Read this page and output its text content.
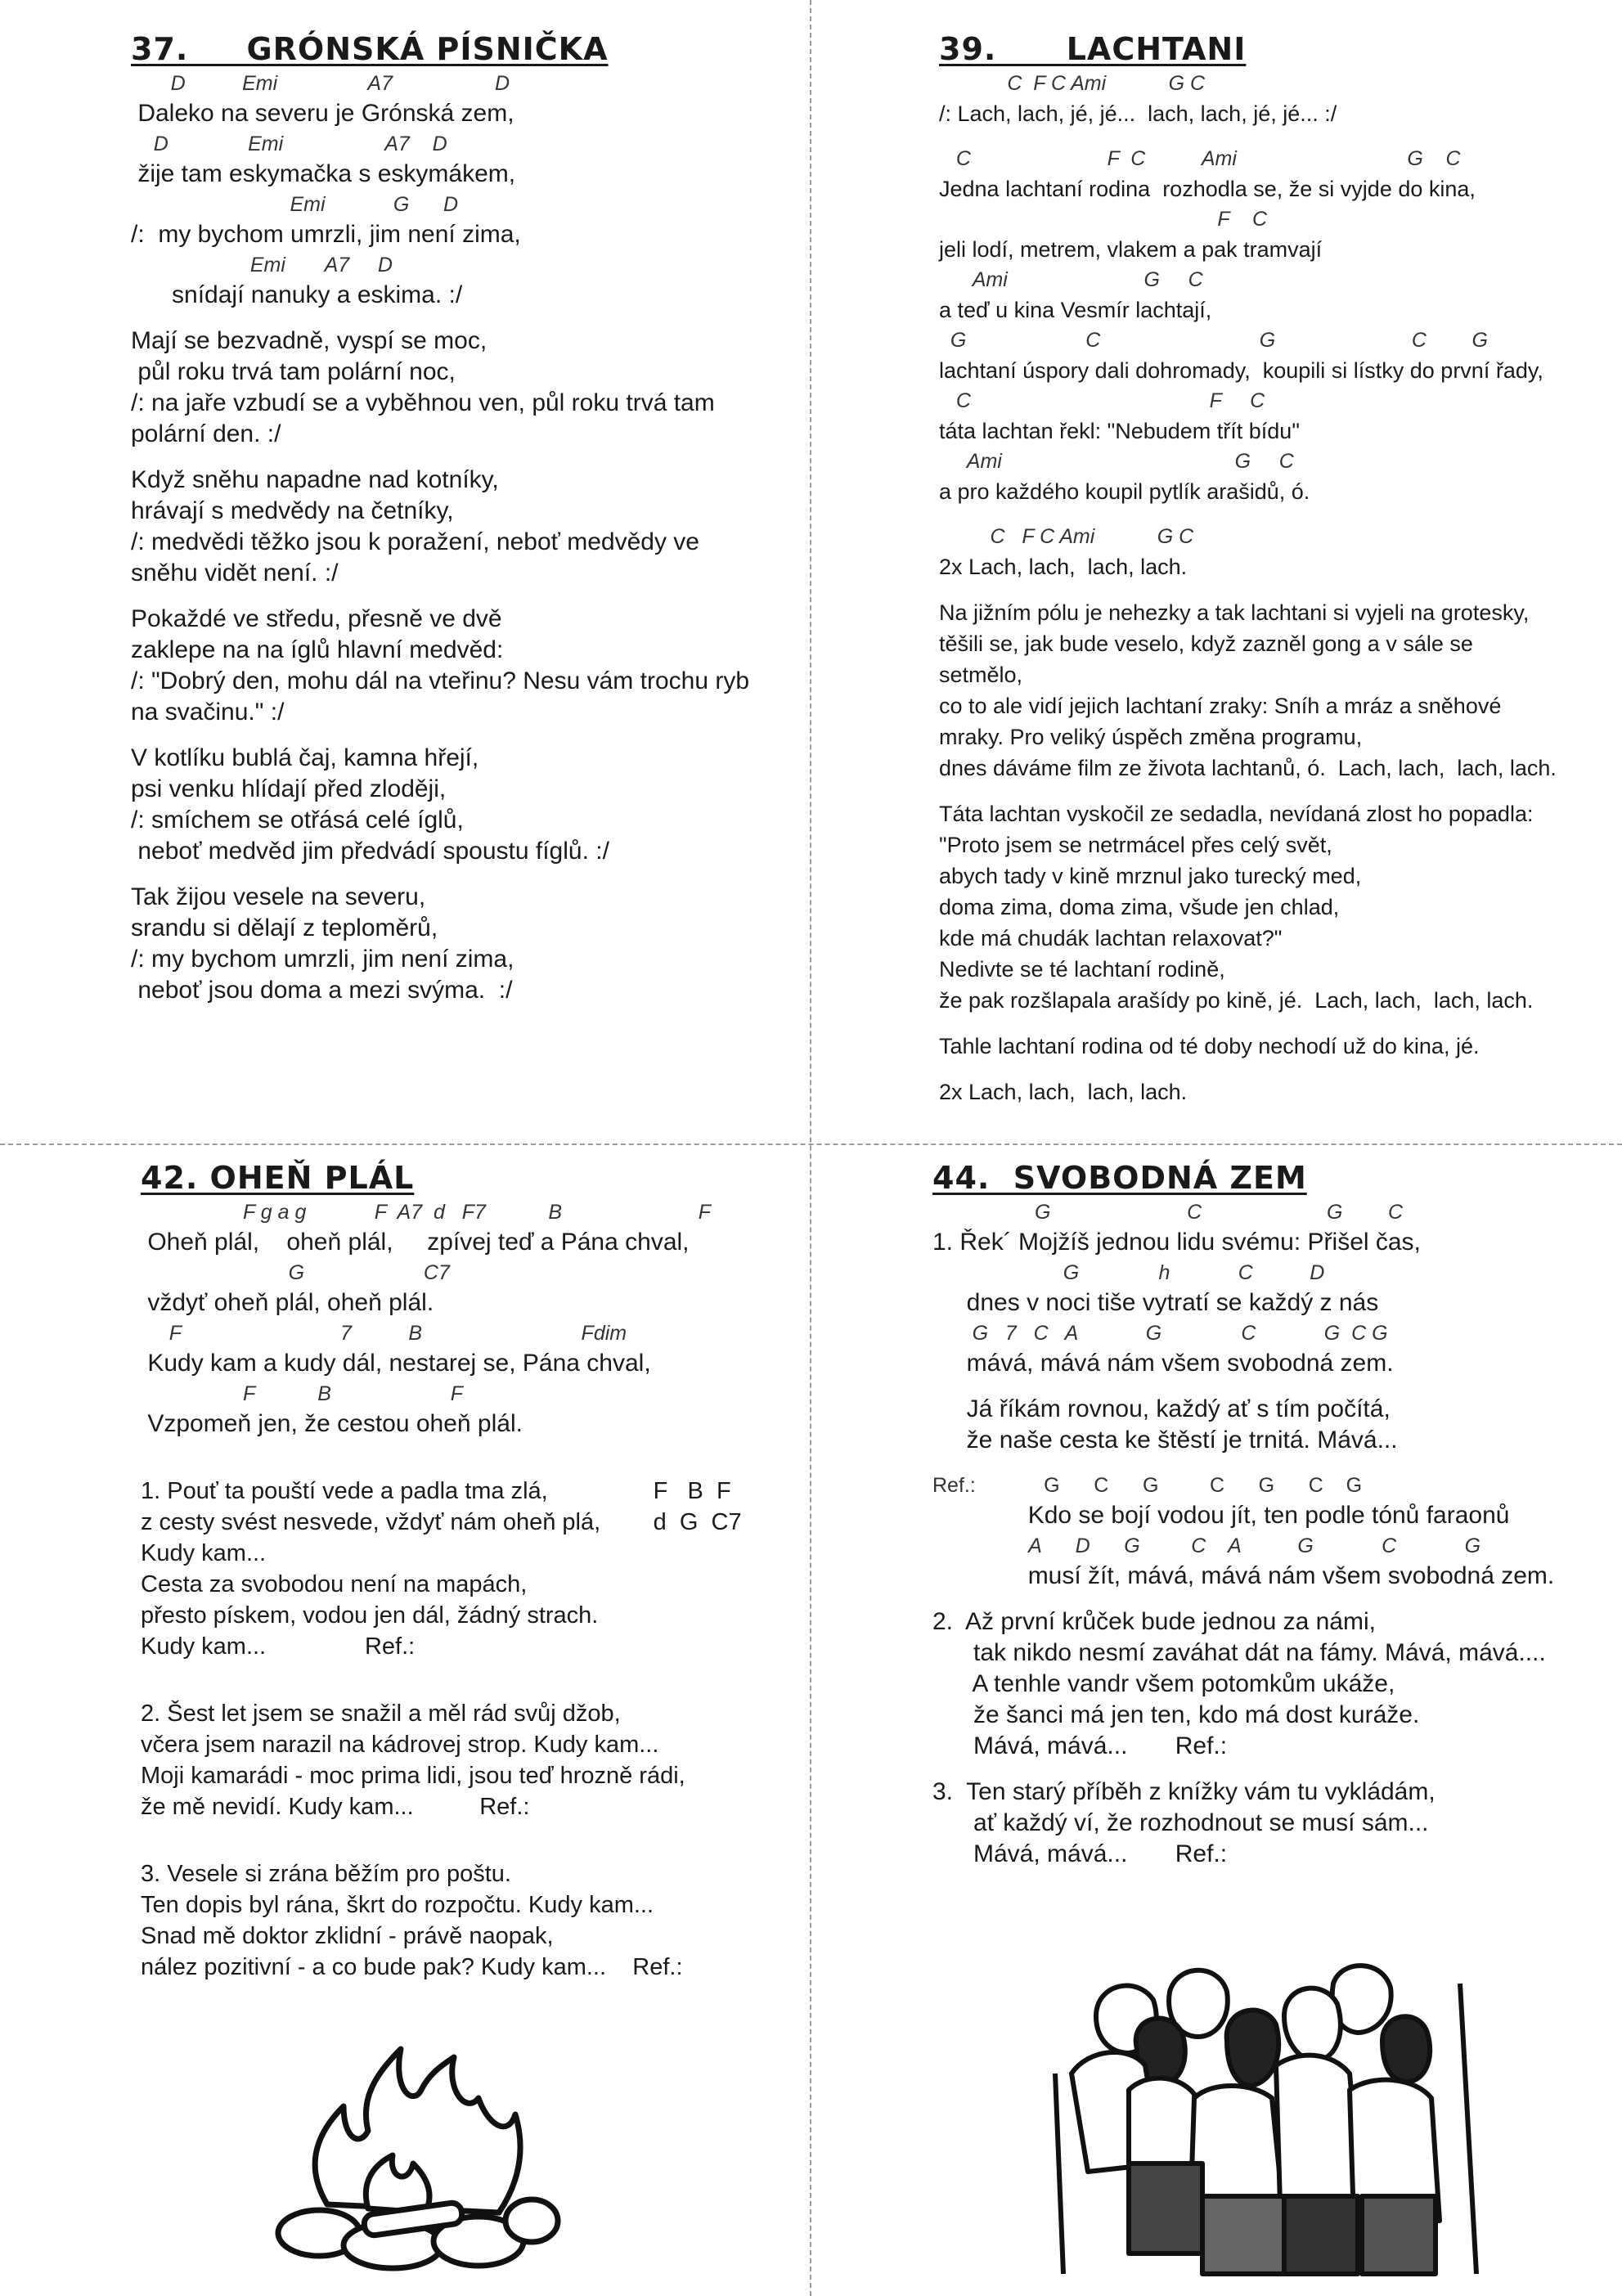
37.     GRÓNSKÁ PÍSNIČKA
D          Emi                A7                  D
Daleko na severu je Grónská zem,
D              Emi                  A7    D
žije tam eskymačka s eskymákem,
Emi            G      D
/:  my bychom umrzli, jim není zima,
Emi       A7     D
snídají nanuky a eskima. :/
Mají se bezvadně, vyspí se moc,
půl roku trvá tam polární noc,
/: na jaře vzbudí se a vyběhnou ven, půl roku trvá tam
polární den. :/
Když sněhu napadne nad kotníky,
hrávají s medvědy na četníky,
/: medvědi těžko jsou k poražení, neboť medvědy ve
sněhu vidět není. :/
Pokaždé ve středu, přesně ve dvě
zaklepe na na íglů hlavní medvěd:
/: "Dobrý den, mohu dál na vteřinu? Nesu vám trochu ryb
na svačinu." :/
V kotlíku bublá čaj, kamna hřejí,
psi venku hlídají před zloději,
/: smíchem se otřásá celé íglů,
neboť medvěd jim předvádí spoustu fíglů. :/
Tak žijou vesele na severu,
srandu si dělají z teploměrů,
/: my bychom umrzli, jim není zima,
neboť jsou doma a mezi svýma.  :/
39.      LACHTANI
C  F C Ami           G C
/: Lach, lach, jé, jé...  lach, lach, jé, jé... :/
C                        F  C          Ami                              G    C
Jedna lachtaní rodina  rozhodla se, že si vyjde do kina,
F    C
jeli lodí, metrem, vlakem a pak tramvají
Ami                        G     C
a teď u kina Vesmír lachtají,
G                     C                            G                        C        G
lachtaní úspory dali dohromady,  koupili si lístky do první řady,
C                                          F     C
táta lachtan řekl: "Nebudem třít bídu"
Ami                                         G     C
a pro každého koupil pytlík arašidů, ó.
C   F C Ami           G C
2x Lach, lach,  lach, lach.
Na jižním pólu je nehezky a tak lachtani si vyjeli na grotesky,
těšili se, jak bude veselo, když zazněl gong a v sále se
setmělo,
co to ale vidí jejich lachtaní zraky: Sníh a mráz a sněhové
mraky. Pro veliký úspěch změna programu,
dnes dáváme film ze života lachtanů, ó.  Lach, lach,  lach, lach.
Táta lachtan vyskočil ze sedadla, nevídaná zlost ho popadla:
"Proto jsem se netrmácel přes celý svět,
abych tady v kině mrznul jako turecký med,
doma zima, doma zima, všude jen chlad,
kde má chudák lachtan relaxovat?"
Nedivte se té lachtaní rodině,
že pak rozšlapala arašídy po kině, jé.  Lach, lach,  lach, lach.
Tahle lachtaní rodina od té doby nechodí už do kina, jé.
2x Lach, lach,  lach, lach.
42. OHEŇ PLÁL
F g a g            F  A7  d   F7           B                        F
Oheň plál,    oheň plál,     zpívej teď a Pána chval,
G                     C7
vždyť oheň plál, oheň plál.
F                            7          B                            Fdim
Kudy kam a kudy dál, nestarej se, Pána chval,
F           B                     F
Vzpomeň jen, že cestou oheň plál.
1. Pouť ta pouští vede a padla tma zlá,                F   B  F
z cesty svést nesvede, vždyť nám oheň plá,        d  G  C7
Kudy kam...
Cesta za svobodou není na mapách,
přesto pískem, vodou jen dál, žádný strach.
Kudy kam...               Ref.:
2. Šest let jsem se snažil a měl rád svůj džob,
včera jsem narazil na kádrovej strop. Kudy kam...
Moji kamarádi - moc prima lidi, jsou teď hrozně rádi,
že mě nevidí. Kudy kam...          Ref.:
3. Vesele si zrána běžím pro poštu.
Ten dopis byl rána, škrt do rozpočtu. Kudy kam...
Snad mě doktor zklidní - právě naopak,
nález pozitivní - a co bude pak? Kudy kam...    Ref.:
44.  SVOBODNÁ ZEM
G                        C                      G        C
1. Řek´ Mojžíš jednou lidu svému: Přišel čas,
G              h            C          D
dnes v noci tiše vytratí se každý z nás
G   7   C   A            G              C            G  C G
mává, mává nám všem svobodná zem.
Já říkám rovnou, každý ať s tím počítá,
že naše cesta ke štěstí je trnitá. Mává...
Ref.:            G      C      G         C      G      C    G
Kdo se bojí vodou jít, ten podle tónů faraonů
A      D      G         C    A          G            C            G
musí žít, mává, mává nám všem svobodná zem.
2.  Až první krůček bude jednou za námi,
tak nikdo nesmí zaváhat dát na fámy. Mává, mává....
A tenhle vandr všem potomkům ukáže,
že šanci má jen ten, kdo má dost kuráže.
Mává, mává...       Ref.:
3.  Ten starý příběh z knížky vám tu vykládám,
ať každý ví, že rozhodnout se musí sám...
Mává, mává...       Ref.:
